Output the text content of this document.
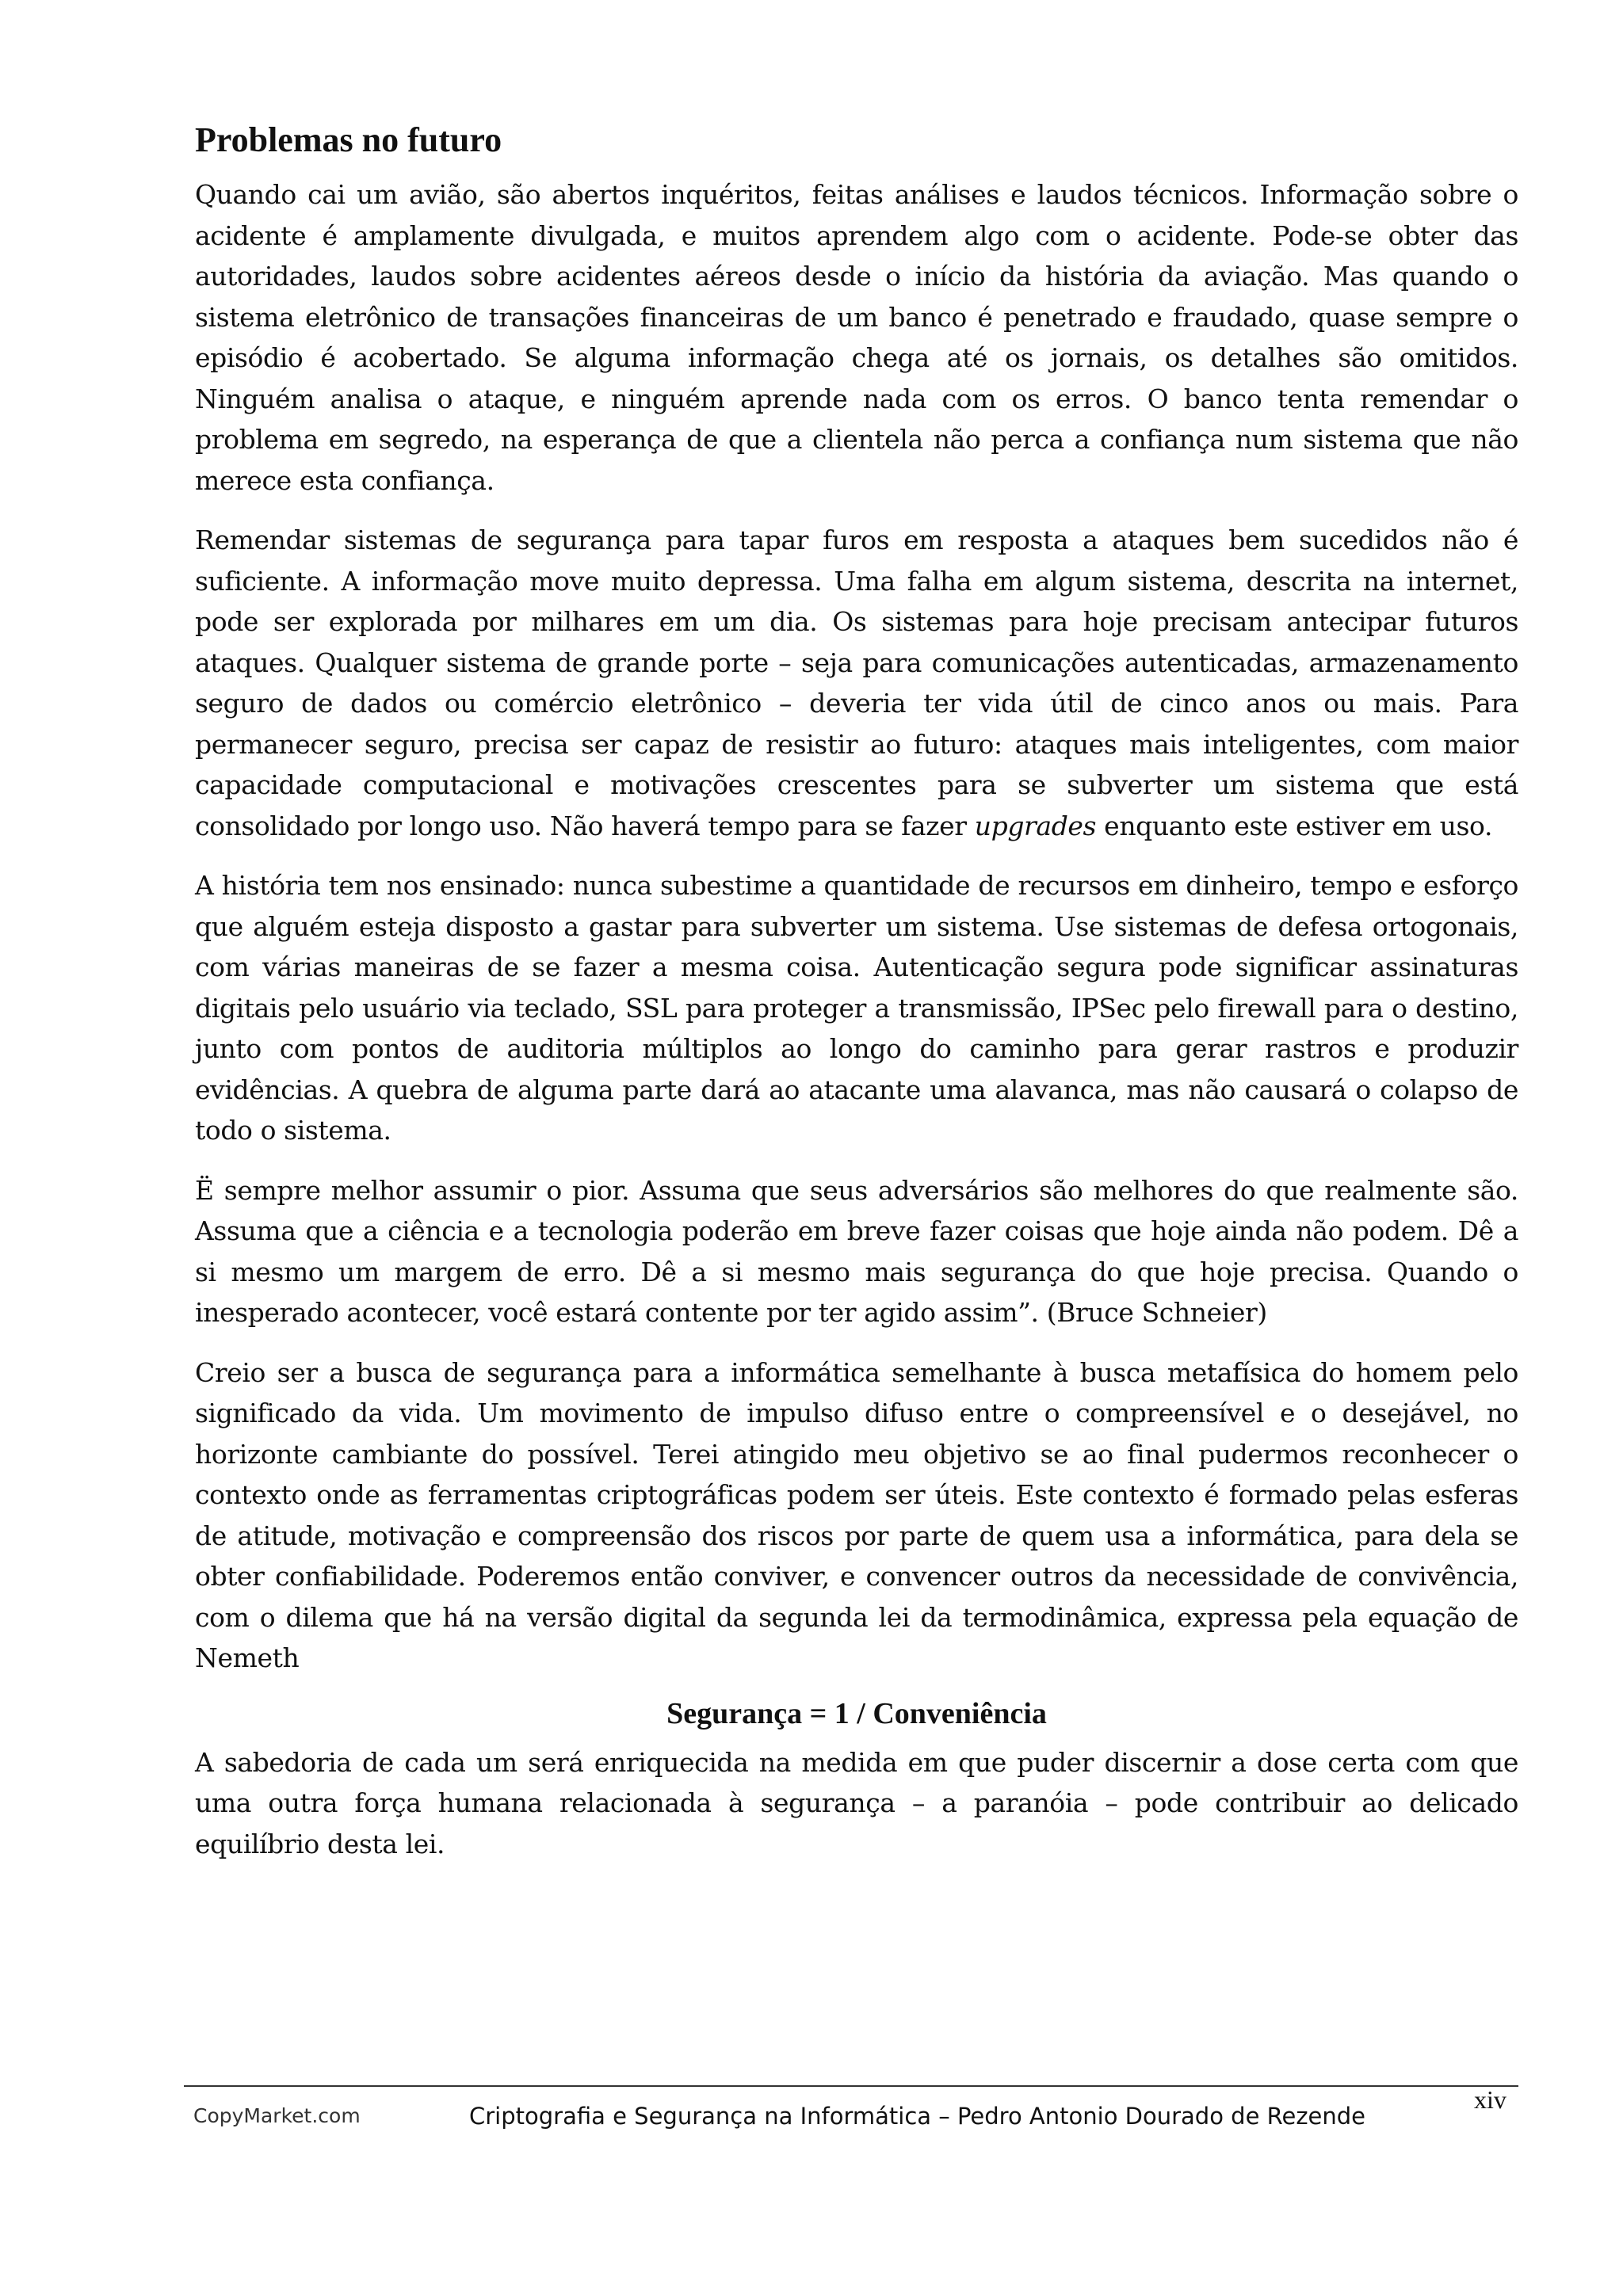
Problemas no futuro

Quando cai um avião, são abertos inquéritos, feitas análises e laudos técnicos. Informação sobre o acidente é amplamente divulgada, e muitos aprendem algo com o acidente. Pode-se obter das autoridades, laudos sobre acidentes aéreos desde o início da história da aviação. Mas quando o sistema eletrônico de transações financeiras de um banco é penetrado e fraudado, quase sempre o episódio é acobertado. Se alguma informação chega até os jornais, os detalhes são omitidos. Ninguém analisa o ataque, e ninguém aprende nada com os erros. O banco tenta remendar o problema em segredo, na esperança de que a clientela não perca a confiança num sistema que não merece esta confiança.

Remendar sistemas de segurança para tapar furos em resposta a ataques bem sucedidos não é suficiente. A informação move muito depressa. Uma falha em algum sistema, descrita na internet, pode ser explorada por milhares em um dia. Os sistemas para hoje precisam antecipar futuros ataques. Qualquer sistema de grande porte – seja para comunicações autenticadas, armazenamento seguro de dados ou comércio eletrônico – deveria ter vida útil de cinco anos ou mais. Para permanecer seguro, precisa ser capaz de resistir ao futuro: ataques mais inteligentes, com maior capacidade computacional e motivações crescentes para se subverter um sistema que está consolidado por longo uso. Não haverá tempo para se fazer upgrades enquanto este estiver em uso.

A história tem nos ensinado: nunca subestime a quantidade de recursos em dinheiro, tempo e esforço que alguém esteja disposto a gastar para subverter um sistema. Use sistemas de defesa ortogonais, com várias maneiras de se fazer a mesma coisa. Autenticação segura pode significar assinaturas digitais pelo usuário via teclado, SSL para proteger a transmissão, IPSec pelo firewall para o destino, junto com pontos de auditoria múltiplos ao longo do caminho para gerar rastros e produzir evidências. A quebra de alguma parte dará ao atacante uma alavanca, mas não causará o colapso de todo o sistema.

Ë sempre melhor assumir o pior. Assuma que seus adversários são melhores do que realmente são. Assuma que a ciência e a tecnologia poderão em breve fazer coisas que hoje ainda não podem. Dê a si mesmo um margem de erro. Dê a si mesmo mais segurança do que hoje precisa. Quando o inesperado acontecer, você estará contente por ter agido assim”. (Bruce Schneier)

Creio ser a busca de segurança para a informática semelhante à busca metafísica do homem pelo significado da vida. Um movimento de impulso difuso entre o compreensível e o desejável, no horizonte cambiante do possível. Terei atingido meu objetivo se ao final pudermos reconhecer o contexto onde as ferramentas criptográficas podem ser úteis. Este contexto é formado pelas esferas de atitude, motivação e compreensão dos riscos por parte de quem usa a informática, para dela se obter confiabilidade. Poderemos então conviver, e convencer outros da necessidade de convivência, com o dilema que há na versão digital da segunda lei da termodinâmica, expressa pela equação de Nemeth

Segurança = 1 / Conveniência

A sabedoria de cada um será enriquecida na medida em que puder discernir a dose certa com que uma outra força humana relacionada à segurança – a paranóia – pode contribuir ao delicado equilíbrio desta lei.

CopyMarket.com	Criptografia e Segurança na Informática – Pedro Antonio Dourado de Rezende
xiv
